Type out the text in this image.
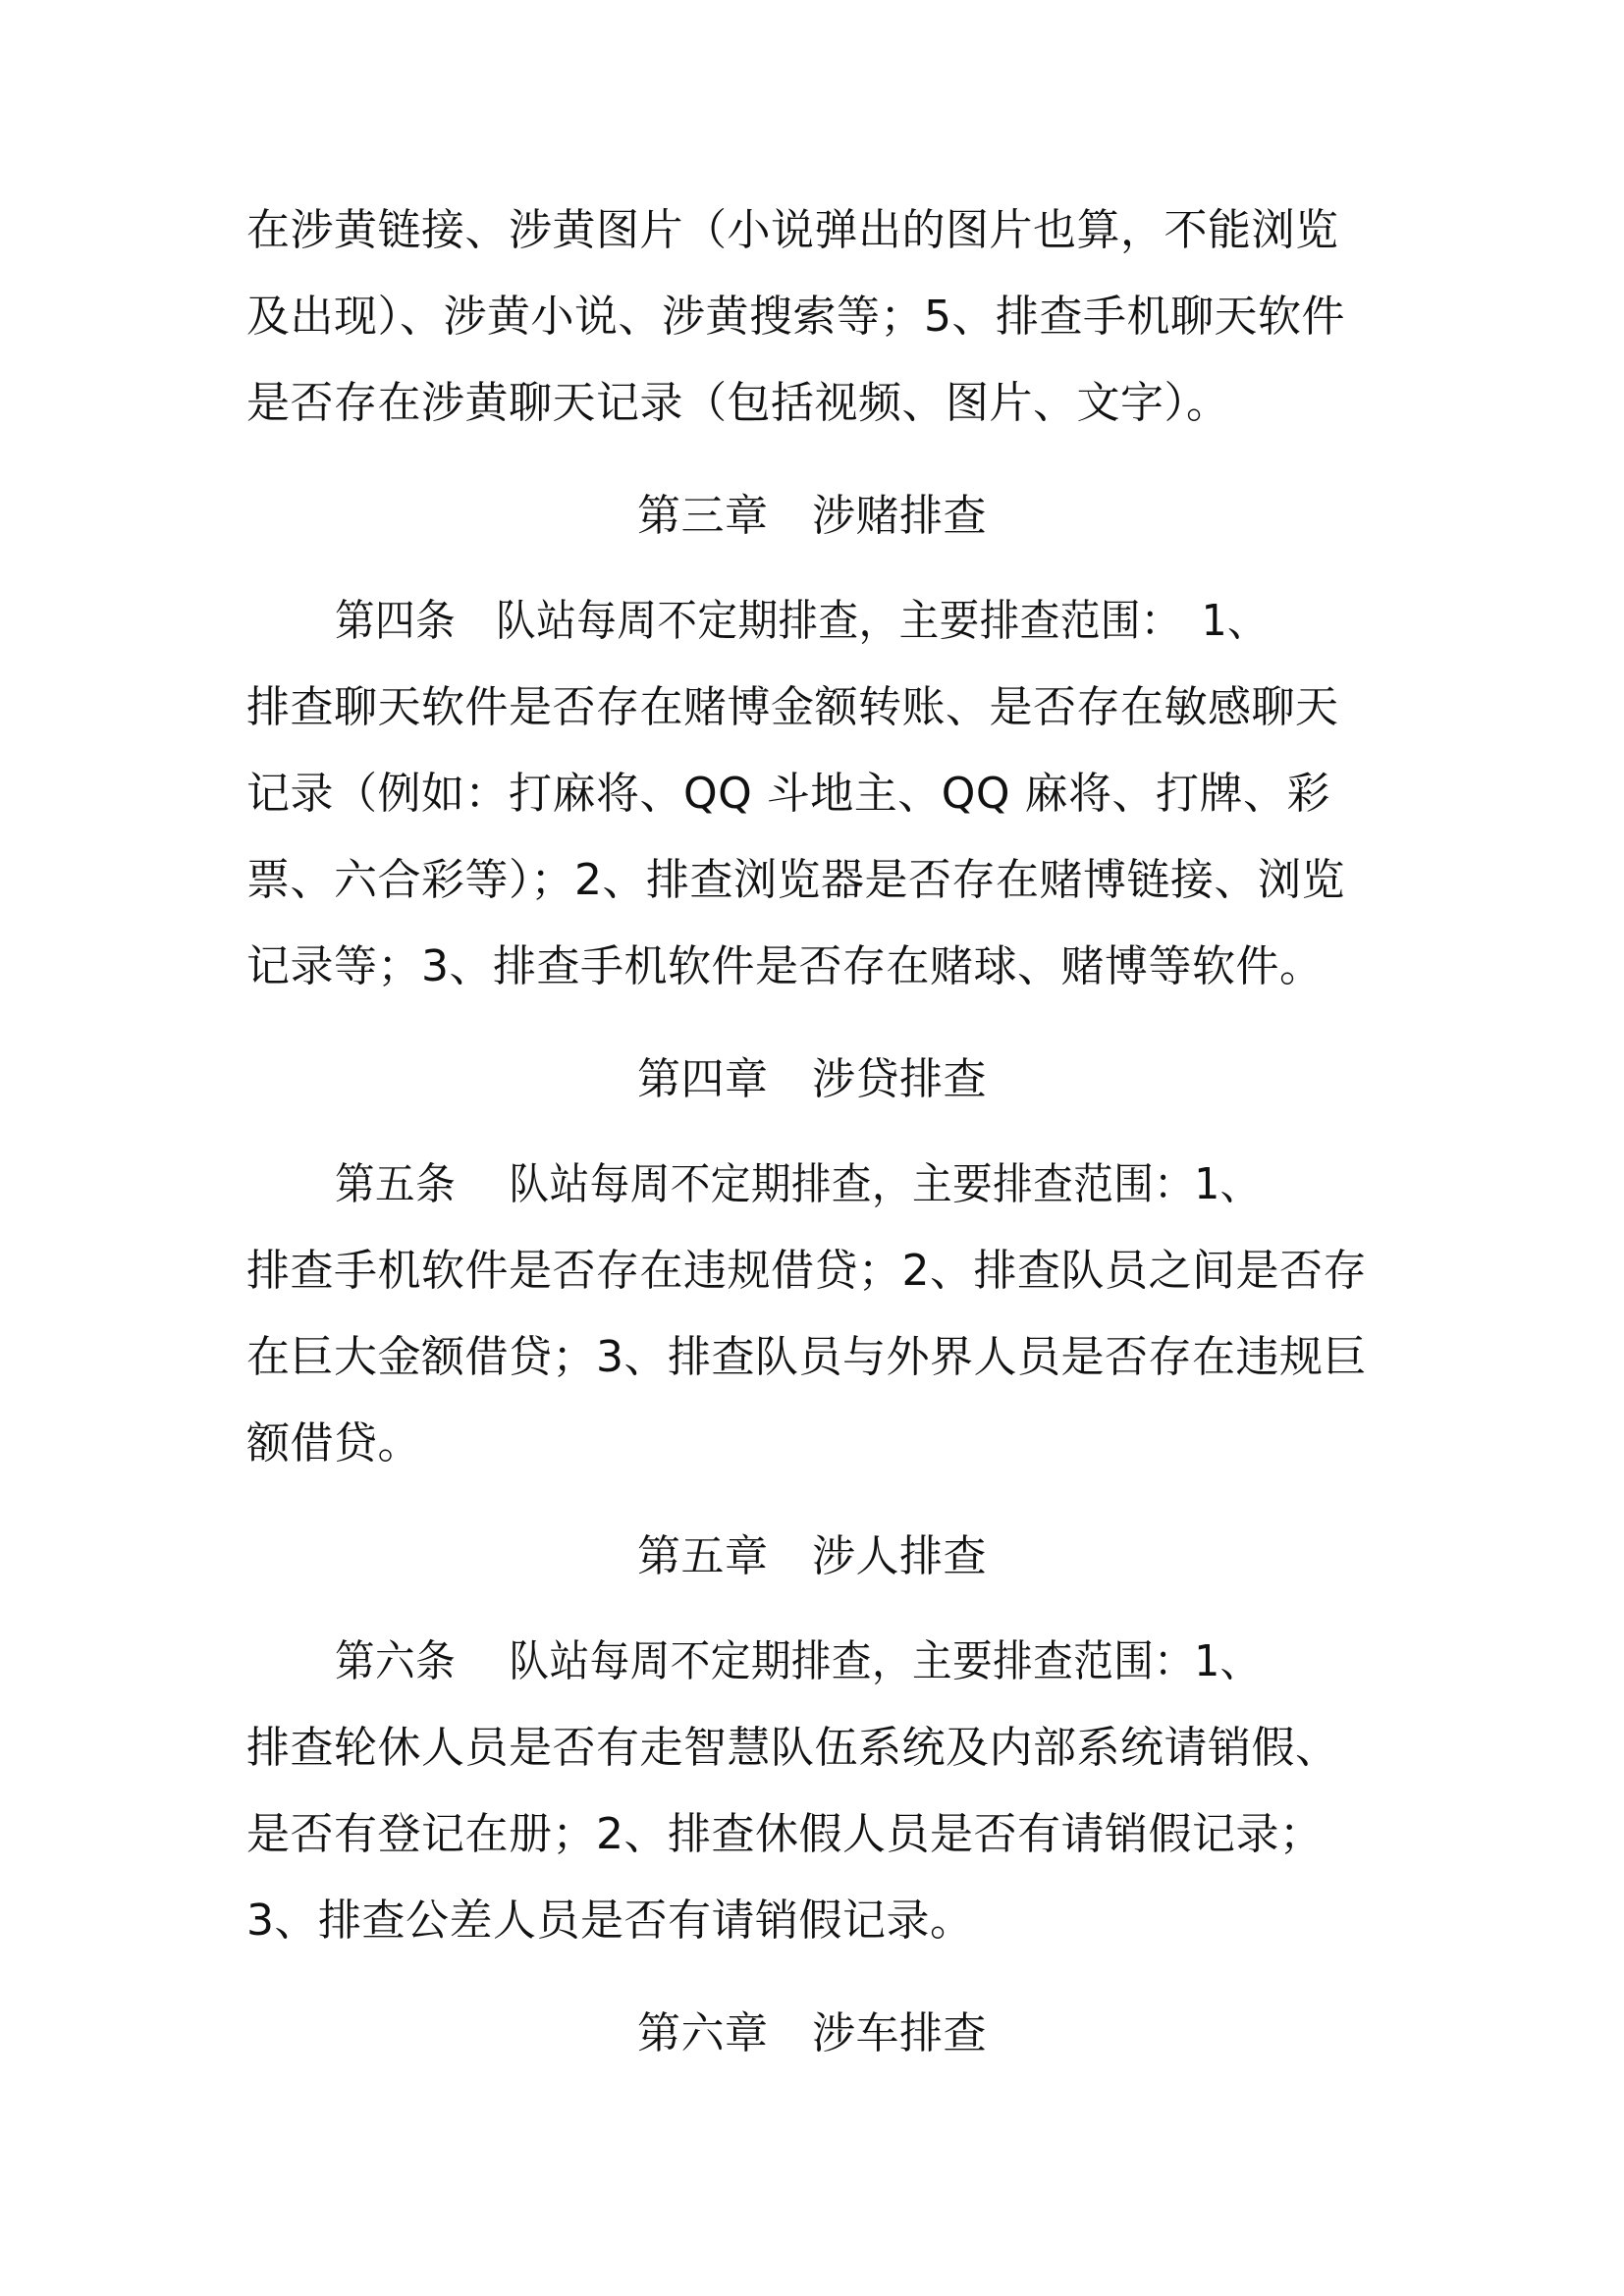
在涉黄链接、涉黄图片（小说弹出的图片也算，不能浏览
及出现）、涉黄小说、涉黄搜索等；5、排查手机聊天软件
是否存在涉黄聊天记录（包括视频、图片、文字）。
第三章　涉赌排查
第四条　队站每周不定期排查，主要排查范围：　1、
排查聊天软件是否存在赌博金额转账、是否存在敏感聊天
记录（例如：打麻将、QQ 斗地主、QQ 麻将、打牌、彩
票、六合彩等）；2、排查浏览器是否存在赌博链接、浏览
记录等；3、排查手机软件是否存在赌球、赌博等软件。
第四章　涉贷排查
第五条　 队站每周不定期排查，主要排查范围：1、
排查手机软件是否存在违规借贷；2、排查队员之间是否存
在巨大金额借贷；3、排查队员与外界人员是否存在违规巨
额借贷。
第五章　涉人排查
第六条　 队站每周不定期排查，主要排查范围：1、
排查轮休人员是否有走智慧队伍系统及内部系统请销假、
是否有登记在册；2、排查休假人员是否有请销假记录；
3、排查公差人员是否有请销假记录。
第六章　涉车排查
